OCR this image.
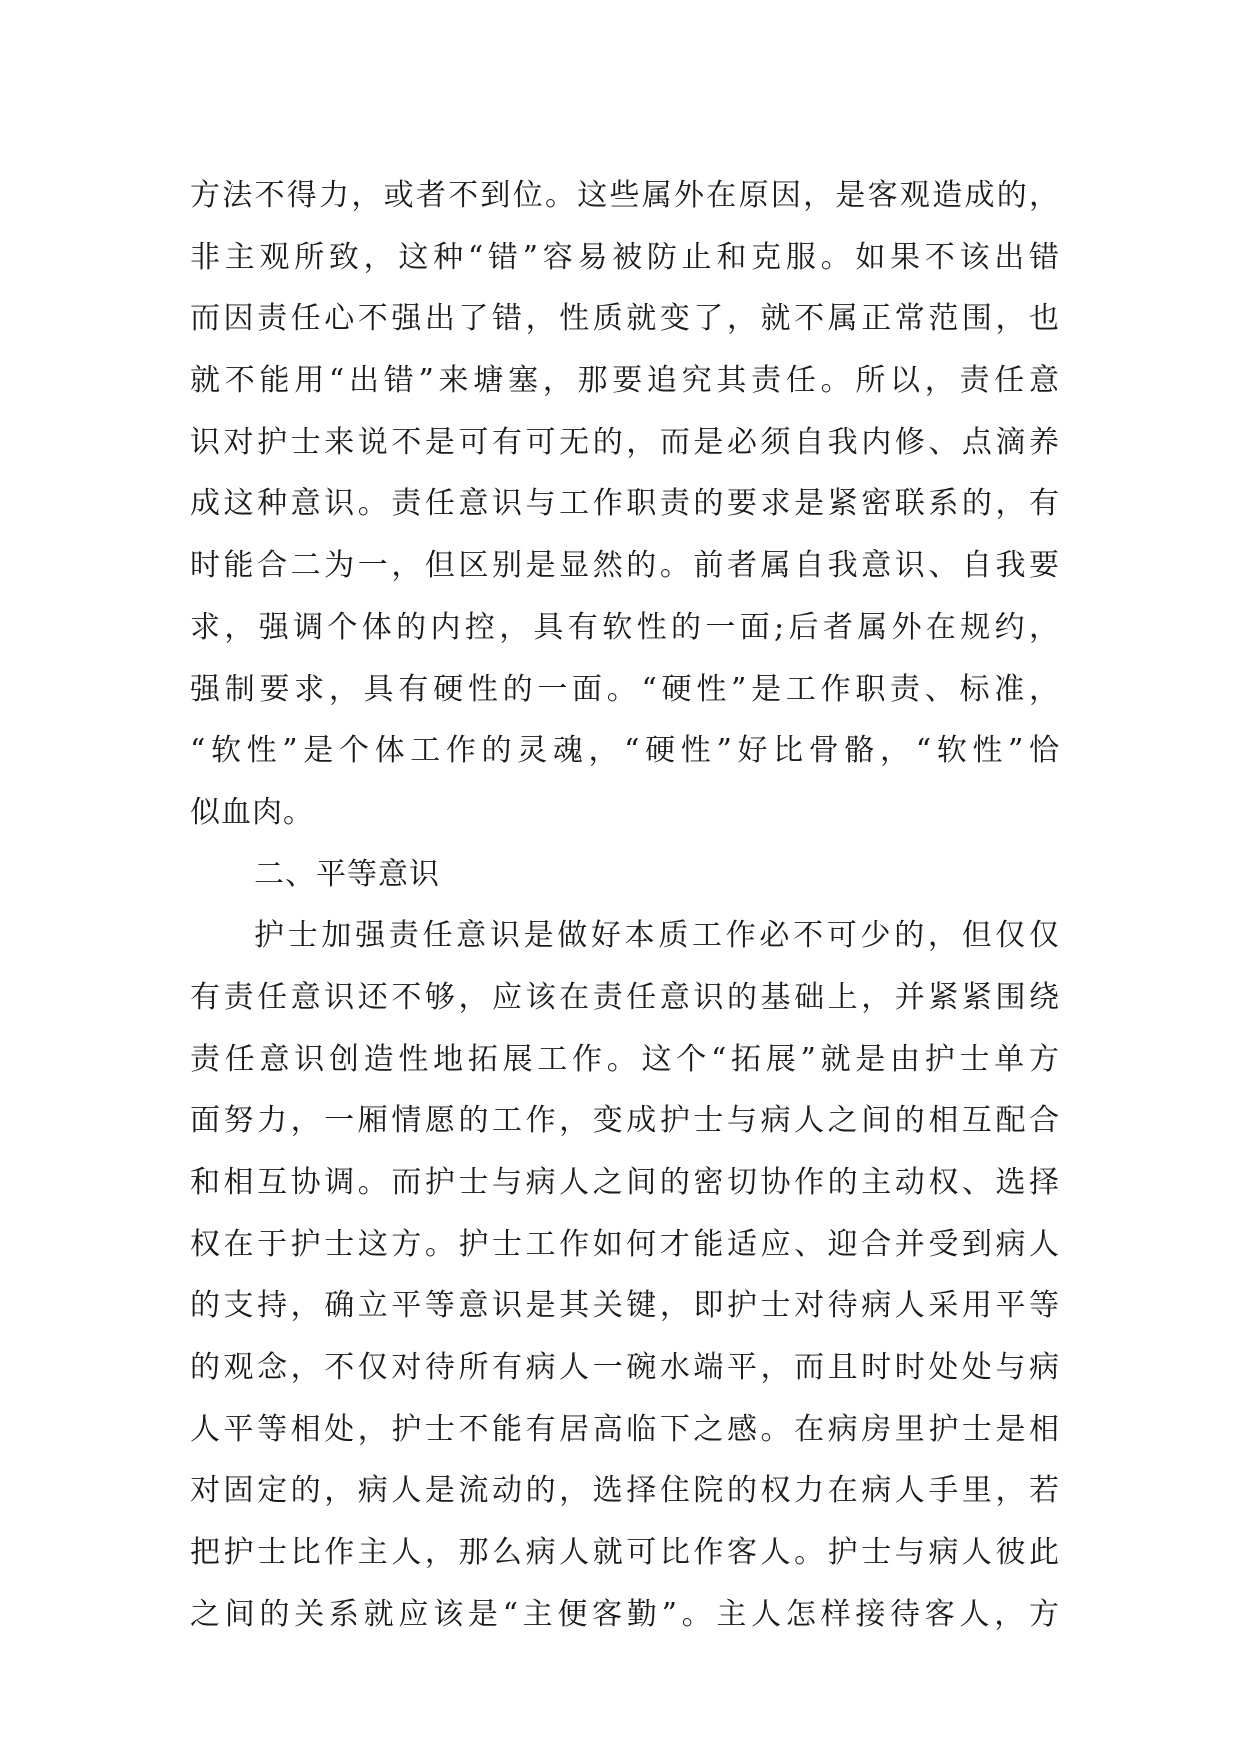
方法不得力，或者不到位。这些属外在原因，是客观造成的，
非主观所致，这种“错”容易被防止和克服。如果不该出错
而因责任心不强出了错，性质就变了，就不属正常范围，也
就不能用“出错”来塘塞，那要追究其责任。所以，责任意
识对护士来说不是可有可无的，而是必须自我内修、点滴养
成这种意识。责任意识与工作职责的要求是紧密联系的，有
时能合二为一，但区别是显然的。前者属自我意识、自我要
求，强调个体的内控，具有软性的一面;后者属外在规约，
强制要求，具有硬性的一面。“硬性”是工作职责、标准，
“软性”是个体工作的灵魂，“硬性”好比骨骼，“软性”恰
似血肉。
二、平等意识
护士加强责任意识是做好本质工作必不可少的，但仅仅
有责任意识还不够，应该在责任意识的基础上，并紧紧围绕
责任意识创造性地拓展工作。这个“拓展”就是由护士单方
面努力，一厢情愿的工作，变成护士与病人之间的相互配合
和相互协调。而护士与病人之间的密切协作的主动权、选择
权在于护士这方。护士工作如何才能适应、迎合并受到病人
的支持，确立平等意识是其关键，即护士对待病人采用平等
的观念，不仅对待所有病人一碗水端平，而且时时处处与病
人平等相处，护士不能有居高临下之感。在病房里护士是相
对固定的，病人是流动的，选择住院的权力在病人手里，若
把护士比作主人，那么病人就可比作客人。护士与病人彼此
之间的关系就应该是“主便客勤”。主人怎样接待客人，方
